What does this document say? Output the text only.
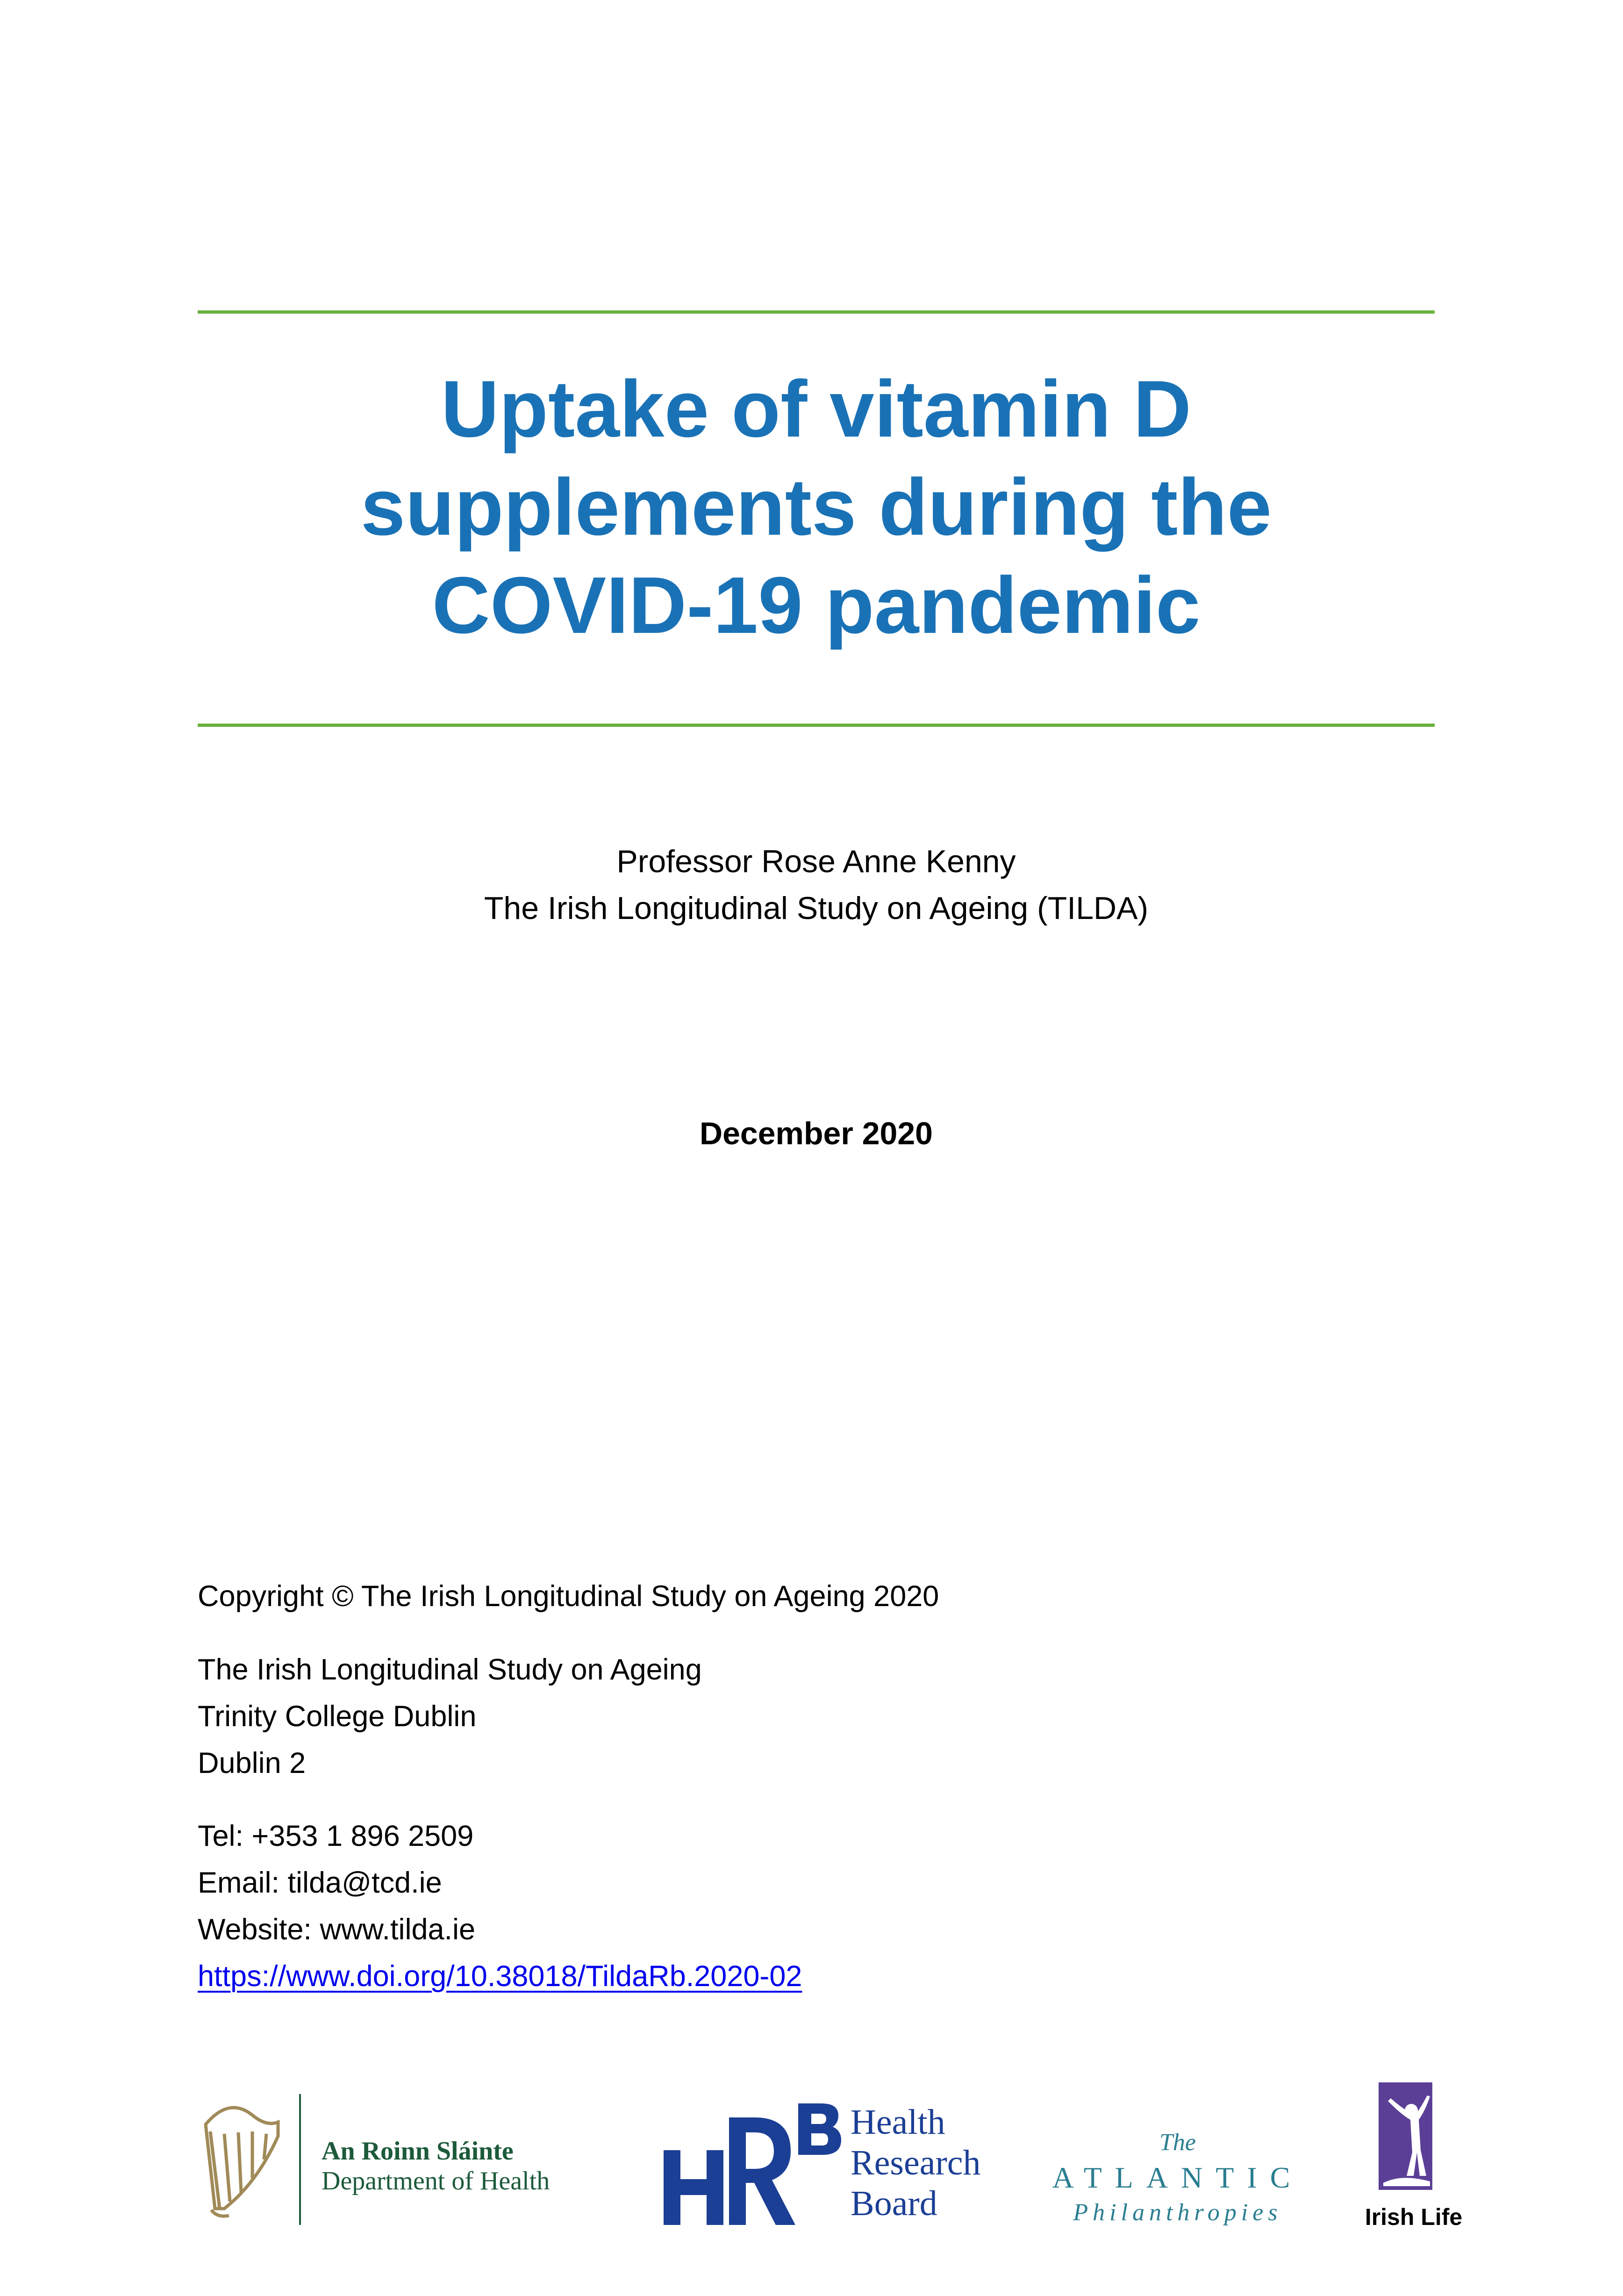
Uptake of vitamin D
supplements during the
COVID-19 pandemic
Professor Rose Anne Kenny
The Irish Longitudinal Study on Ageing (TILDA)
December 2020
Copyright © The Irish Longitudinal Study on Ageing 2020
The Irish Longitudinal Study on Ageing
Trinity College Dublin
Dublin 2
Tel: +353 1 896 2509
Email: tilda@tcd.ie
Website: www.tilda.ie
https://www.doi.org/10.38018/TildaRb.2020-02
An Roinn Sláinte
Department of Health
Health
Research
Board
The
ATLANTIC
Philanthropies	Irish Life
